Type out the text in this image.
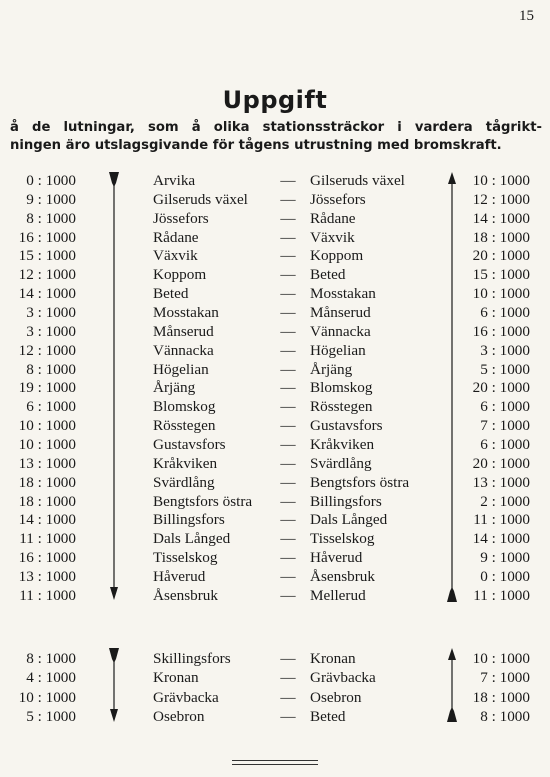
15
Uppgift
å de lutningar, som å olika stationssträckor i vardera tågrikt-
ningen äro utslagsgivande för tågens utrustning med bromskraft.
0 : 1000	Arvika	— Gilseruds växel	10 : 1000
9 : 1000	Gilseruds växel — Jössefors	12 : 1000
8 : 1000	Jössefors	— Rådane	14 : 1000
16 : 1000	Rådane	— Växvik	18 : 1000
15 : 1000	Växvik	— Koppom	20 : 1000
12 : 1000	Koppom	— Beted	15 : 1000
14 : 1000	Beted	— Mosstakan	10 : 1000
3 : 1000	Mosstakan	— Månserud	6 : 1000
3 : 1000	Månserud	— Vännacka	16 : 1000
12 : 1000	Vännacka	— Högelian	3 : 1000
8 : 1000	Högelian	— Årjäng	5 : 1000
19 : 1000	Årjäng	— Blomskog	20 : 1000
6 : 1000	Blomskog	— Rösstegen	6 : 1000
10 : 1000	Rösstegen	— Gustavsfors	7 : 1000
10 : 1000	Gustavsfors	— Kråkviken	6 : 1000
13 : 1000	Kråkviken	— Svärdlång	20 : 1000
18 : 1000	Svärdlång	— Bengtsfors östra	13 : 1000
18 : 1000	Bengtsfors östra — Billingsfors	2 : 1000
14 : 1000	Billingsfors	— Dals Långed	11 : 1000
11 : 1000	Dals Långed	— Tisselskog	14 : 1000
16 : 1000	Tisselskog	— Håverud	9 : 1000
13 : 1000	Håverud	— Åsensbruk	0 : 1000
11 : 1000	Åsensbruk	— Mellerud	11 : 1000
8 : 1000	Skillingsfors	— Kronan	10 : 1000
4 : 1000	Kronan	— Grävbacka	7 : 1000
10 : 1000	Grävbacka	— Osebron	18 : 1000
5 : 1000	Osebron	— Beted	8 : 1000
